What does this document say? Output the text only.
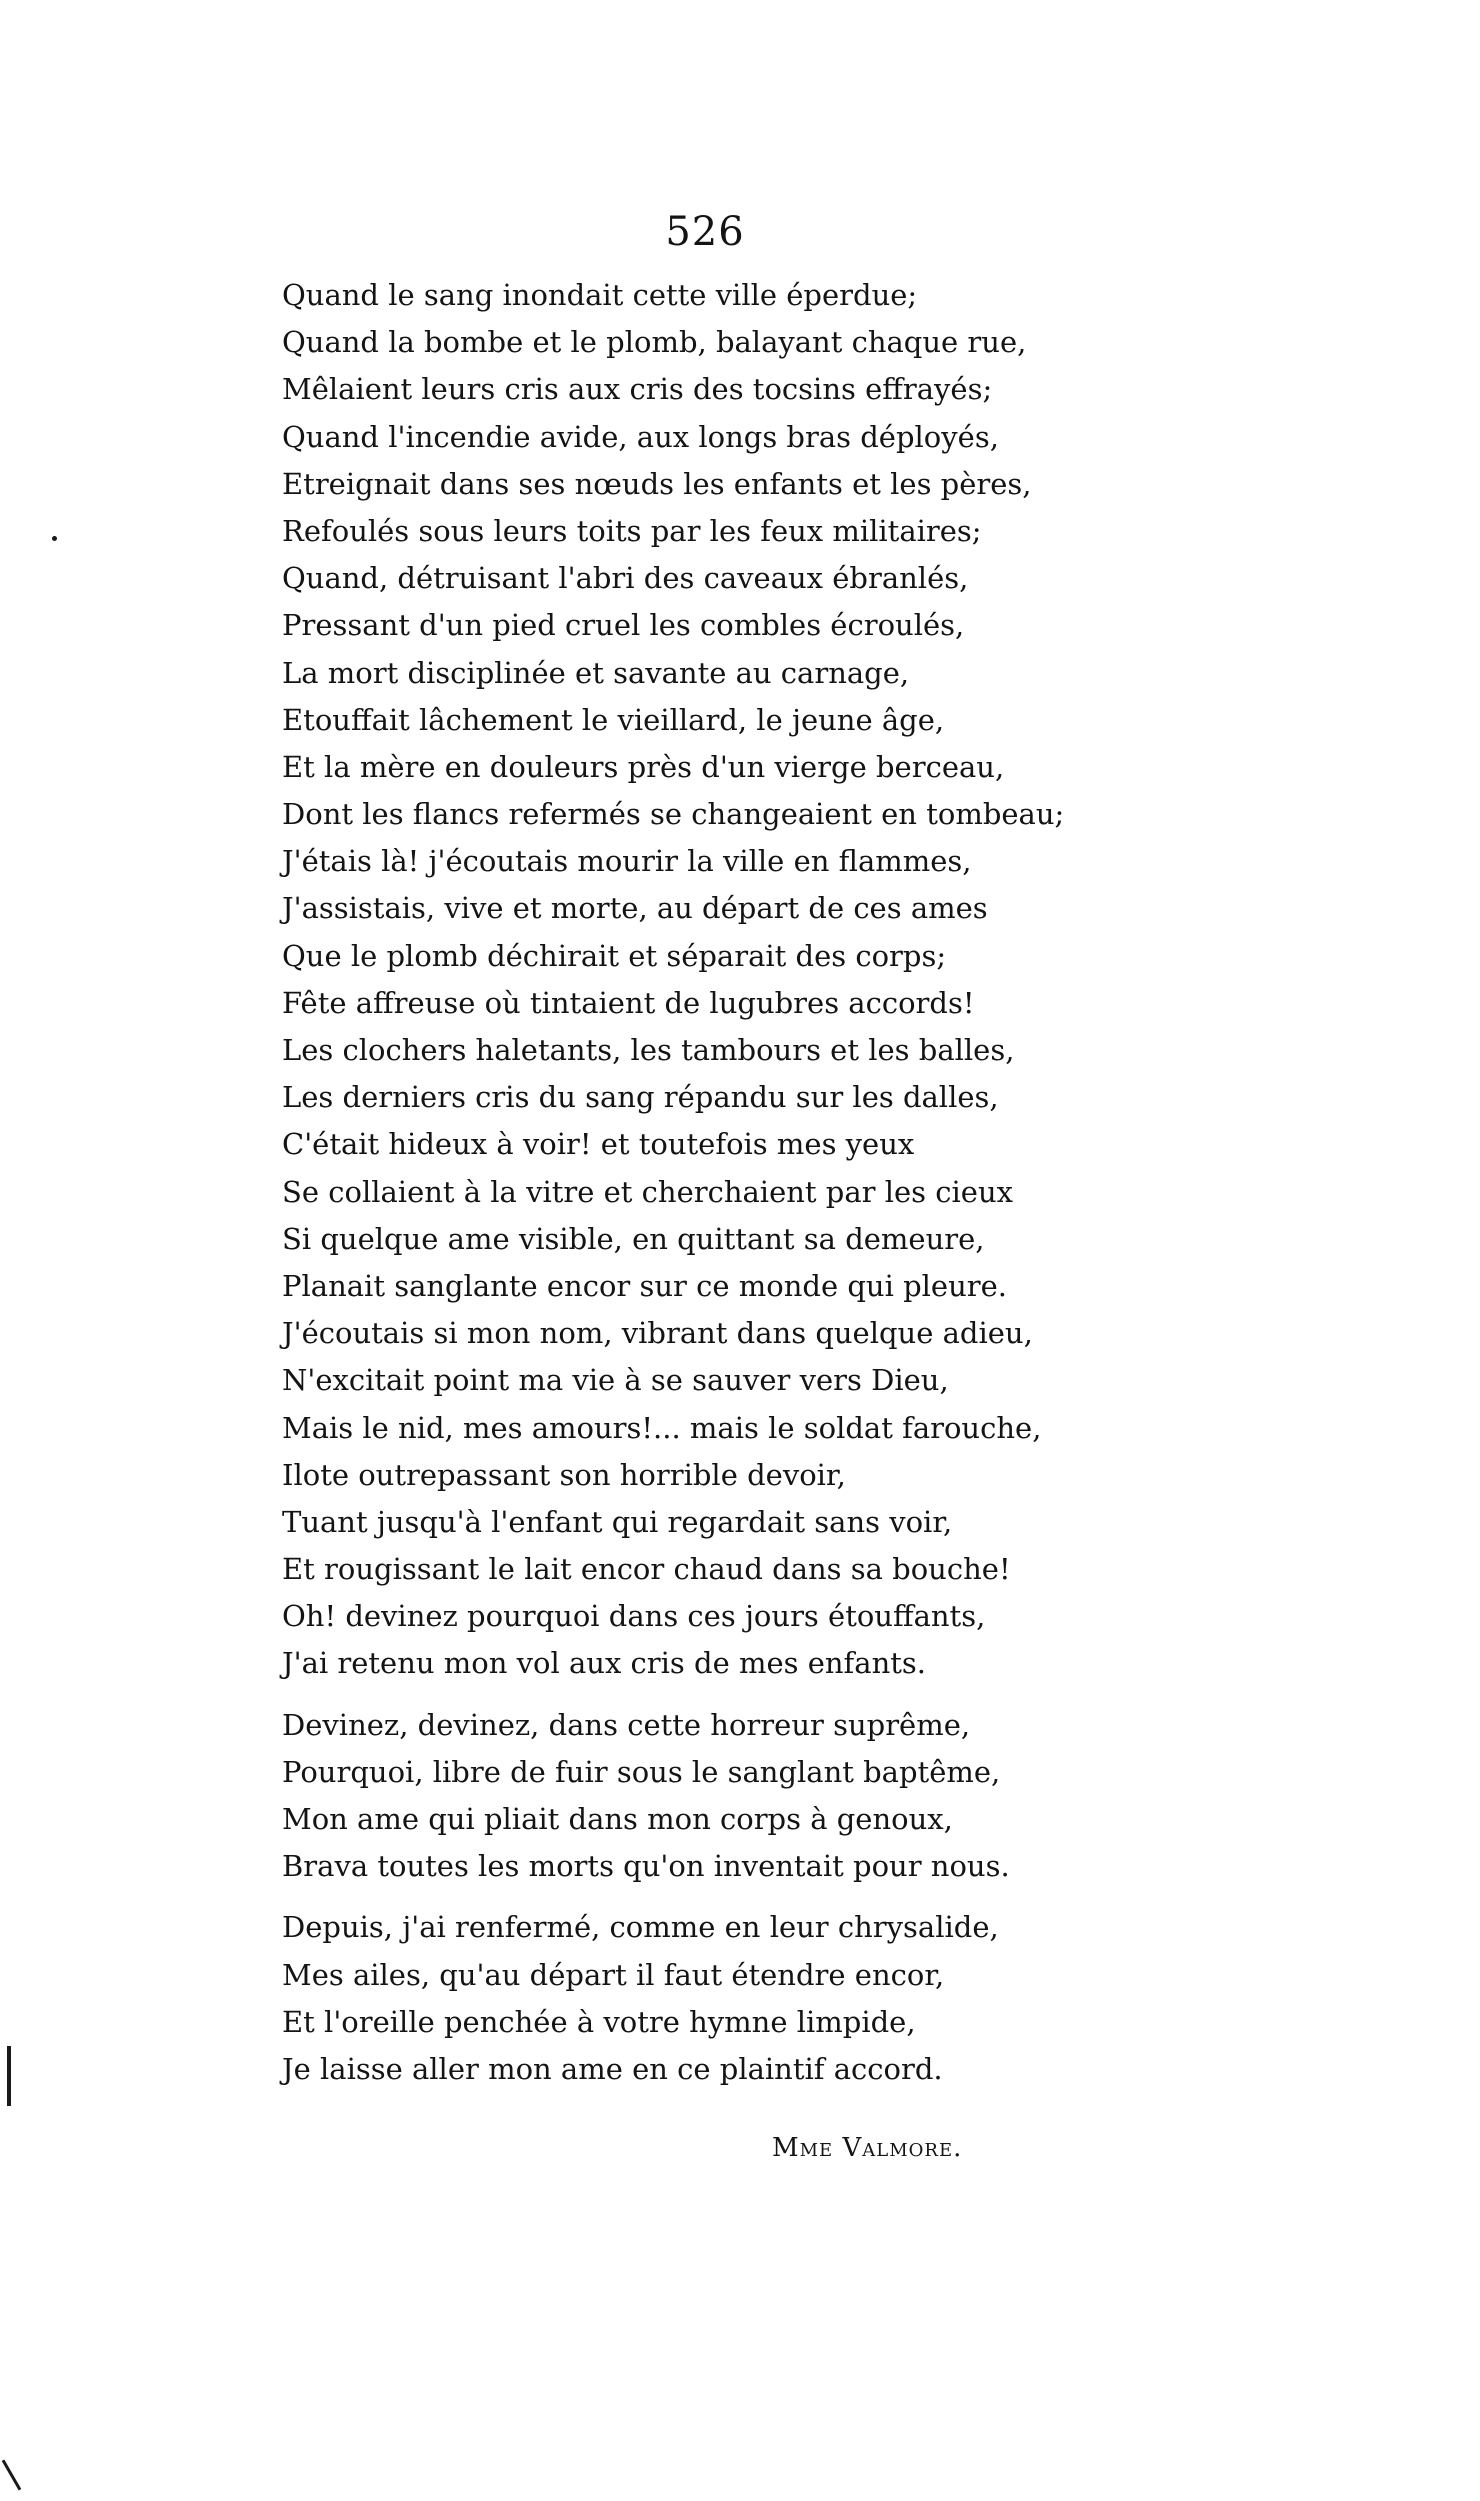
526
Quand le sang inondait cette ville éperdue;
Quand la bombe et le plomb, balayant chaque rue,
Mêlaient leurs cris aux cris des tocsins effrayés;
Quand l'incendie avide, aux longs bras déployés,
Etreignait dans ses nœuds les enfants et les pères,
Refoulés sous leurs toits par les feux militaires;
Quand, détruisant l'abri des caveaux ébranlés,
Pressant d'un pied cruel les combles écroulés,
La mort disciplinée et savante au carnage,
Etouffait lâchement le vieillard, le jeune âge,
Et la mère en douleurs près d'un vierge berceau,
Dont les flancs refermés se changeaient en tombeau;
J'étais là! j'écoutais mourir la ville en flammes,
J'assistais, vive et morte, au départ de ces ames
Que le plomb déchirait et séparait des corps;
Fête affreuse où tintaient de lugubres accords!
Les clochers haletants, les tambours et les balles,
Les derniers cris du sang répandu sur les dalles,
C'était hideux à voir! et toutefois mes yeux
Se collaient à la vitre et cherchaient par les cieux
Si quelque ame visible, en quittant sa demeure,
Planait sanglante encor sur ce monde qui pleure.
J'écoutais si mon nom, vibrant dans quelque adieu,
N'excitait point ma vie à se sauver vers Dieu,
Mais le nid, mes amours!... mais le soldat farouche,
Ilote outrepassant son horrible devoir,
Tuant jusqu'à l'enfant qui regardait sans voir,
Et rougissant le lait encor chaud dans sa bouche!
Oh! devinez pourquoi dans ces jours étouffants,
J'ai retenu mon vol aux cris de mes enfants.
Devinez, devinez, dans cette horreur suprême,
Pourquoi, libre de fuir sous le sanglant baptême,
Mon ame qui pliait dans mon corps à genoux,
Brava toutes les morts qu'on inventait pour nous.
Depuis, j'ai renfermé, comme en leur chrysalide,
Mes ailes, qu'au départ il faut étendre encor,
Et l'oreille penchée à votre hymne limpide,
Je laisse aller mon ame en ce plaintif accord.
Mme Valmore.
